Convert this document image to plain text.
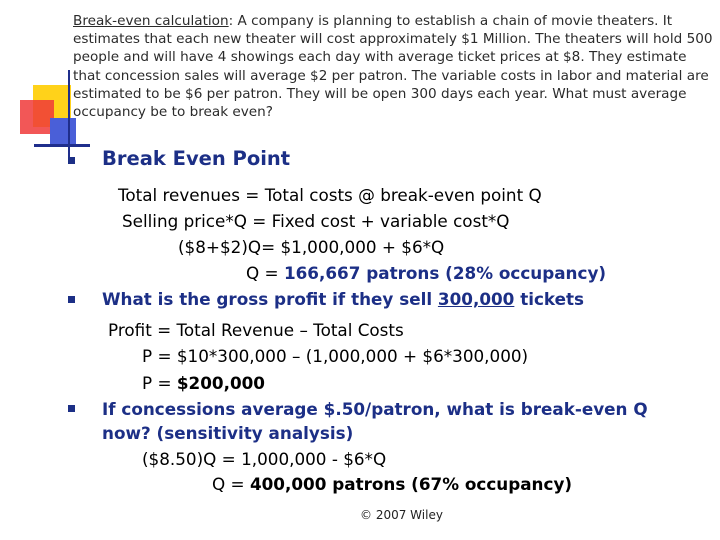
Break-even calculation: A company is planning to establish a chain of movie theaters. It estimates that each new theater will cost approximately $1 Million. The theaters will hold 500 people and will have 4 showings each day with average ticket prices at $8. They estimate that concession sales will average $2 per patron. The variable costs in labor and material are estimated to be $6 per patron. They will be open 300 days each year. What must average occupancy be to break even?
Break Even Point
Total revenues = Total costs @ break-even point Q
Selling price*Q = Fixed cost + variable cost*Q
($8+$2)Q= $1,000,000 + $6*Q
Q = 166,667 patrons (28% occupancy)
What is the gross profit if they sell 300,000 tickets
Profit = Total Revenue – Total Costs
P = $10*300,000 – (1,000,000 + $6*300,000)
P = $200,000
If concessions average $.50/patron, what is break-even Q
now? (sensitivity analysis)
($8.50)Q = 1,000,000 - $6*Q
Q = 400,000 patrons (67% occupancy)
© 2007 Wiley
